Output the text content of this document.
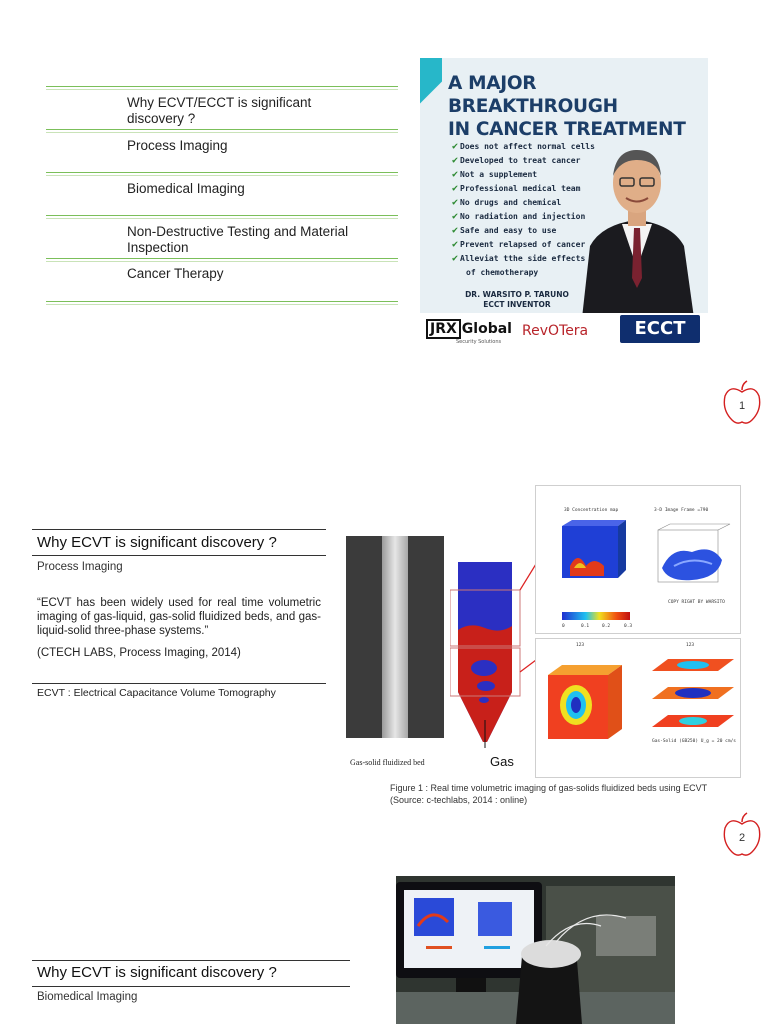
Why ECVT/ECCT is significant discovery ?
Process Imaging
Biomedical Imaging
Non-Destructive Testing and Material Inspection
Cancer Therapy
A MAJOR BREAKTHROUGH
IN CANCER TREATMENT
✔ Does not affect normal cells
✔ Developed to treat cancer
✔ Not a supplement
✔ Professional medical team
✔ No drugs and chemical
✔ No radiation and injection
✔ Safe and easy to use
✔ Prevent relapsed of cancer
✔ Alleviat tthe side effects
of chemotherapy
DR. WARSITO P. TARUNO
ECCT INVENTOR
JRX Global
Security Solutions
RevOTera	ECCT
1
Why ECVT is significant discovery ?
Process Imaging
“ECVT has been widely used for real time volumetric imaging of gas-liquid, gas-solid fluidized beds, and gas-liquid-solid three-phase systems.”
(CTECH LABS, Process Imaging, 2014)
ECVT : Electrical Capacitance Volume Tomography
Gas-solid fluidized bed	Gas
3D Concentration map	3-D Image Frame =790
COPY RIGHT BY WARSITO
0	0.1	0.2	0.3
123	123
Gas-Solid (GB250) U_g = 20 cm/s
Figure 1 : Real time volumetric imaging of gas-solids fluidized beds using ECVT
(Source: c-techlabs, 2014 : online)
2
Why ECVT is significant discovery ?
Biomedical Imaging
